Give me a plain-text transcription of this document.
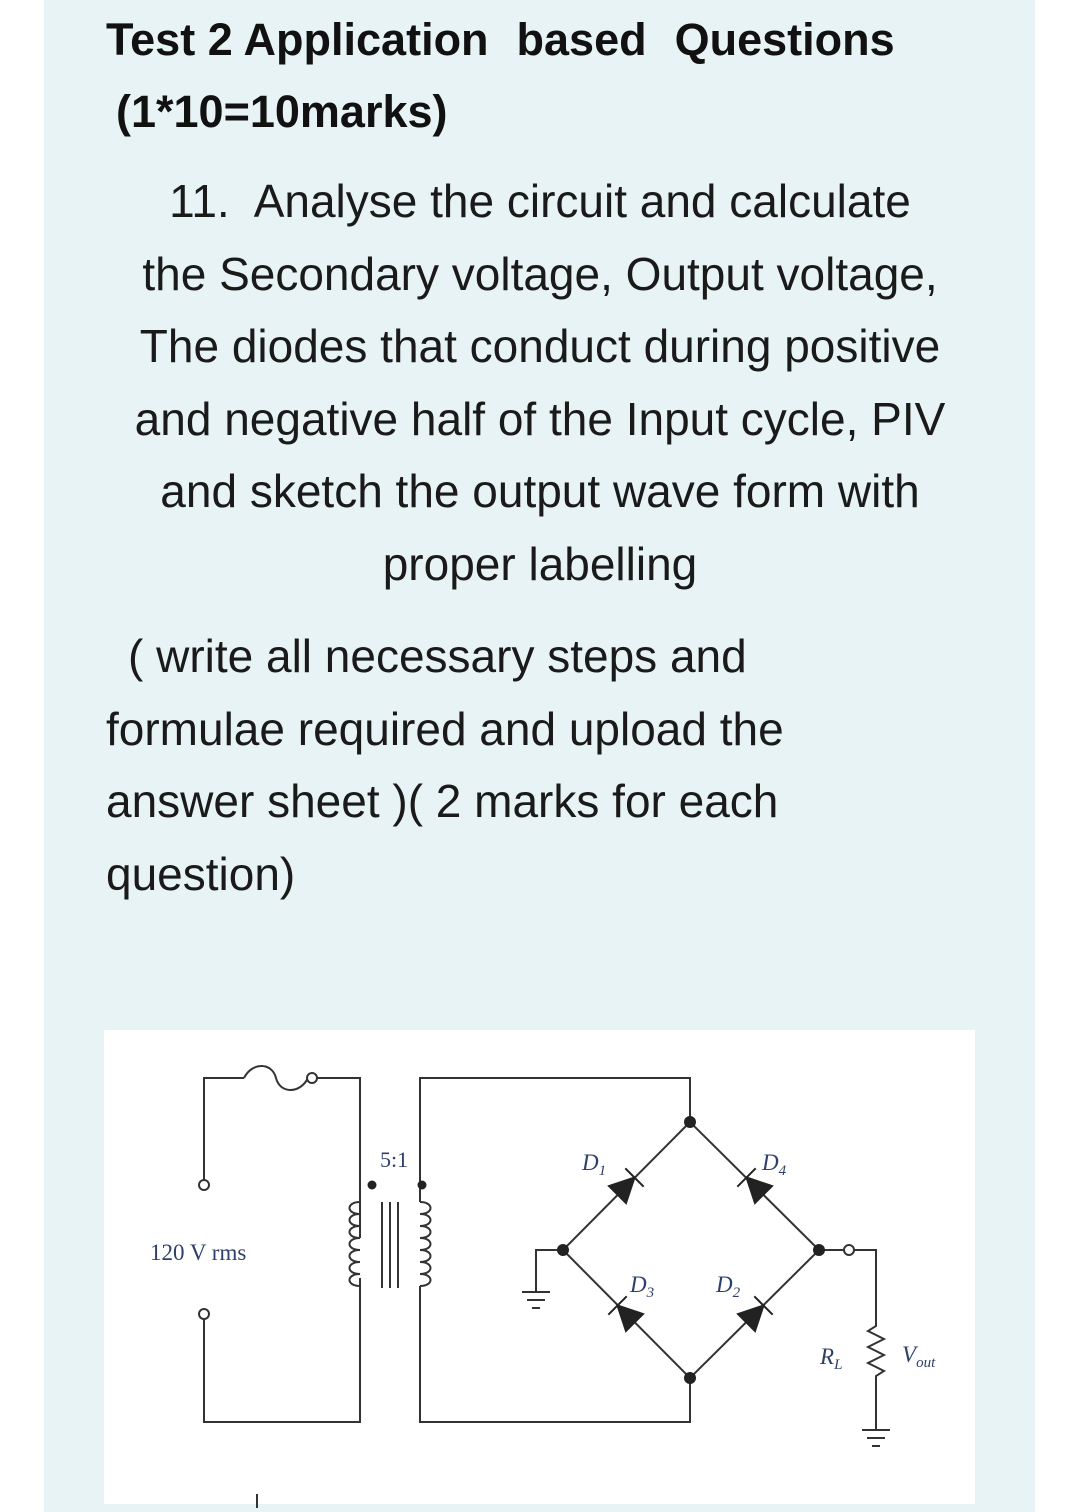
Test 2 Application based Questions
(1*10=10marks)
11. Analyse the circuit and calculate
the Secondary voltage, Output voltage,
The diodes that conduct during positive
and negative half of the Input cycle, PIV
and sketch the output wave form with
proper labelling
( write all necessary steps and
formulae required and upload the
answer sheet )( 2 marks for each
question)
120 V rms
5:1	$D_1$	$D_4$
$D_3$	$D_2$
$R_L$	$V_{out}$
